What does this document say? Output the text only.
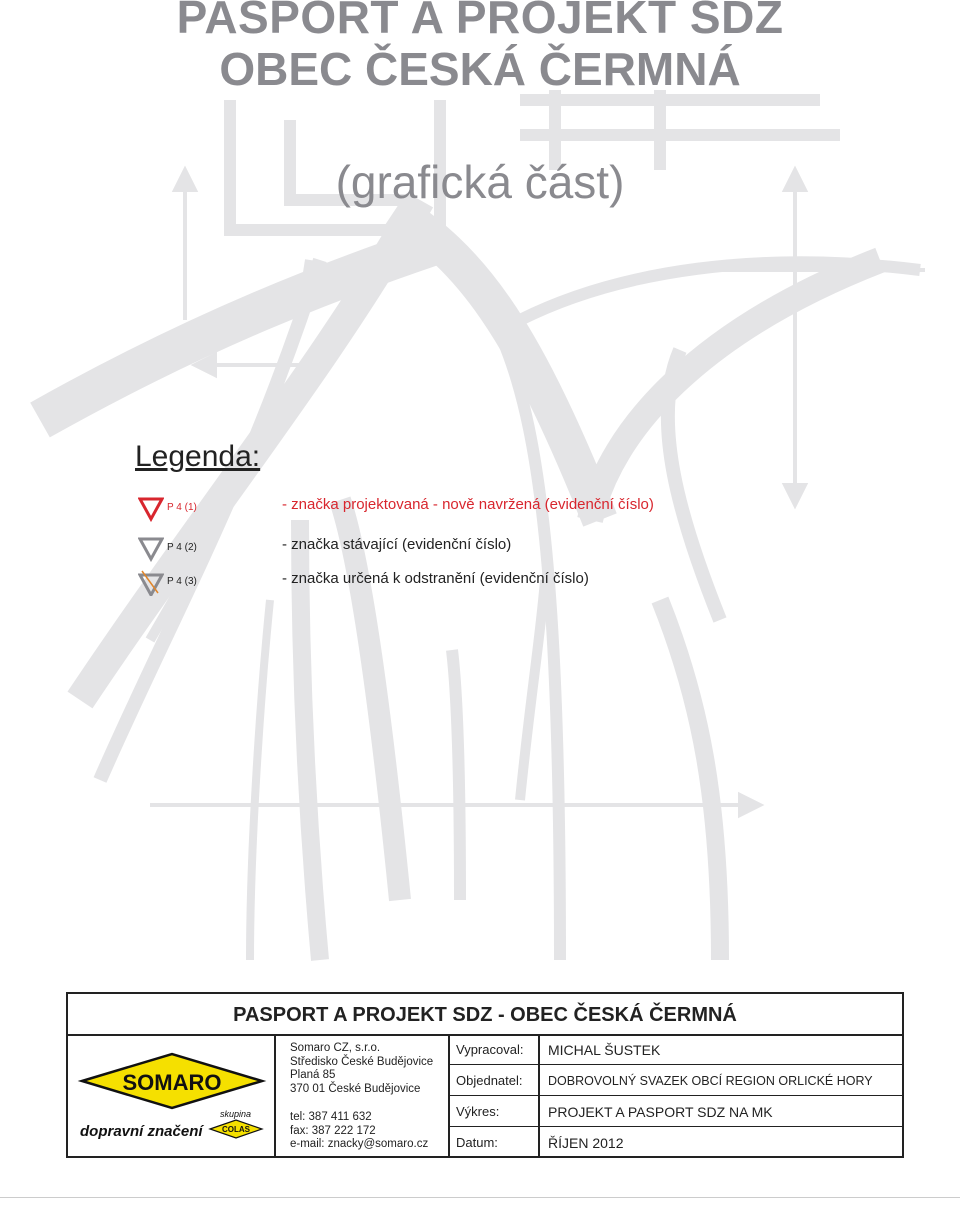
PASPORT A PROJEKT SDZ
OBEC ČESKÁ ČERMNÁ
(grafická část)
Legenda:
P 4 (1)	- značka projektovaná - nově navržená (evidenční číslo)
P 4 (2)	- značka stávající (evidenční číslo)
P 4 (3)	- značka určená k odstranění (evidenční číslo)
PASPORT A PROJEKT SDZ - OBEC ČESKÁ ČERMNÁ
SOMARO
dopravní značení
skupina
COLAS
Somaro CZ, s.r.o.
Středisko České Budějovice
Planá 85
370 01 České Budějovice
tel: 387 411 632
fax: 387 222 172
e-mail: znacky@somaro.cz
Vypracoval:	MICHAL ŠUSTEK
Objednatel:	DOBROVOLNÝ SVAZEK OBCÍ REGION ORLICKÉ HORY
Výkres:	PROJEKT A PASPORT SDZ NA MK
Datum:	ŘÍJEN 2012
